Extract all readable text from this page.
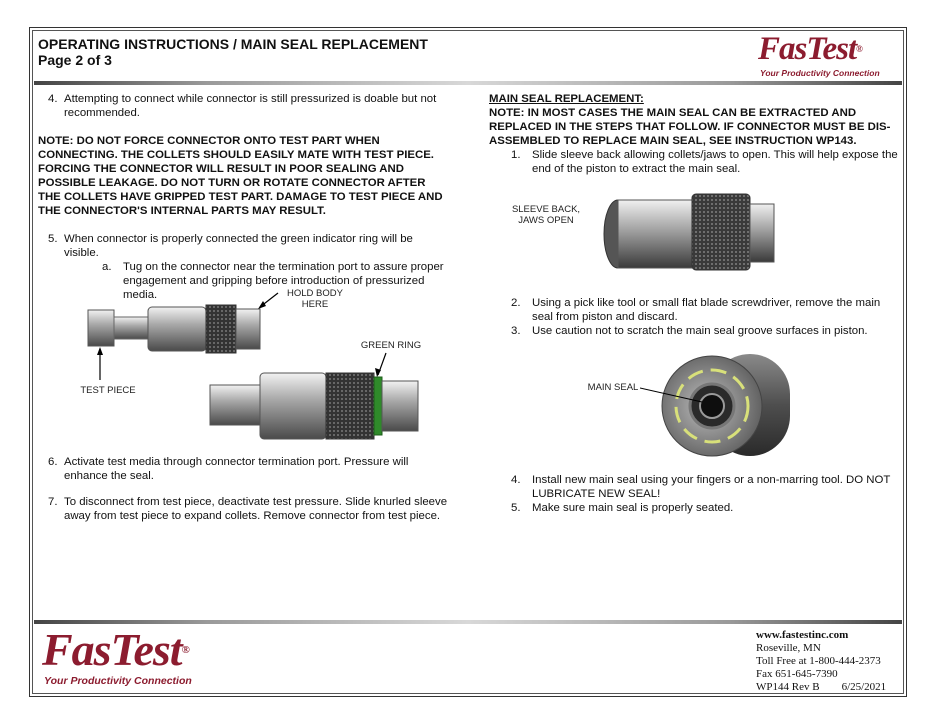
OPERATING INSTRUCTIONS / MAIN SEAL REPLACEMENT
Page 2 of 3	FasTest®
Your Productivity Connection

4. Attempting to connect while connector is still pressurized is doable but not recommended.

NOTE: DO NOT FORCE CONNECTOR ONTO TEST PART WHEN CONNECTING. THE COLLETS SHOULD EASILY MATE WITH TEST PIECE. FORCING THE CONNECTOR WILL RESULT IN POOR SEALING AND POSSIBLE LEAKAGE. DO NOT TURN OR ROTATE CONNECTOR AFTER THE COLLETS HAVE GRIPPED TEST PART. DAMAGE TO TEST PIECE AND THE CONNECTOR'S INTERNAL PARTS MAY RESULT.

5. When connector is properly connected the green indicator ring will be visible.

a. Tug on the connector near the termination port to assure proper engagement and gripping before introduction of pressurized media.	HOLD BODY
HERE
GREEN RING
TEST PIECE

6. Activate test media through connector termination port. Pressure will enhance the seal.

7. To disconnect from test piece, deactivate test pressure. Slide knurled sleeve away from test piece to expand collets. Remove connector from test piece.

MAIN SEAL REPLACEMENT:

NOTE: IN MOST CASES THE MAIN SEAL CAN BE EXTRACTED AND REPLACED IN THE STEPS THAT FOLLOW. IF CONNECTOR MUST BE DIS-ASSEMBLED TO REPLACE MAIN SEAL, SEE INSTRUCTION WP143.

1. Slide sleeve back allowing collets/jaws to open. This will help expose the end of the piston to extract the main seal.

SLEEVE BACK,
JAWS OPEN

2. Using a pick like tool or small flat blade screwdriver, remove the main seal from piston and discard.

3. Use caution not to scratch the main seal groove surfaces in piston.

MAIN SEAL

4. Install new main seal using your fingers or a non-marring tool. DO NOT LUBRICATE NEW SEAL!

5. Make sure main seal is properly seated.

FasTest®
Your Productivity Connection
www.fastestinc.com
Roseville, MN
Toll Free at 1-800-444-2373
Fax 651-645-7390
WP144 Rev B 6/25/2021
